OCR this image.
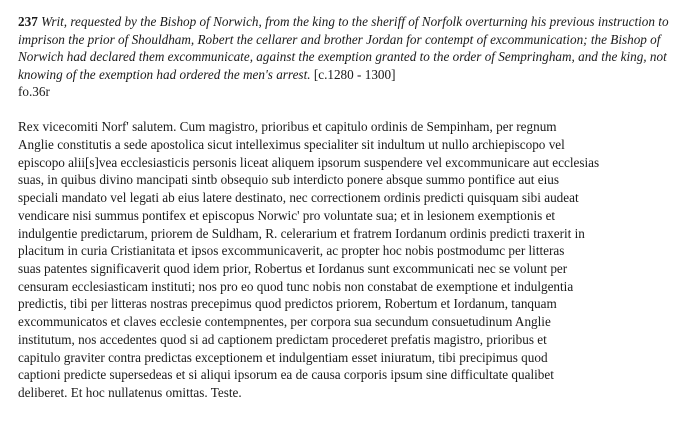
237 Writ, requested by the Bishop of Norwich, from the king to the sheriff of Norfolk overturning his previous instruction to imprison the prior of Shouldham, Robert the cellarer and brother Jordan for contempt of excommunication; the Bishop of Norwich had declared them excommunicate, against the exemption granted to the order of Sempringham, and the king, not knowing of the exemption had ordered the men's arrest. [c.1280 - 1300]
fo.36r
Rex vicecomiti Norf' salutem. Cum magistro, prioribus et capitulo ordinis de Sempinham, per regnum
Anglie constitutis a sede apostolica sicut intelleximus specialiter sit indultum ut nullo archiepiscopo vel
episcopo alii[s]vea ecclesiasticis personis liceat aliquem ipsorum suspendere vel excommunicare aut ecclesias
suas, in quibus divino mancipati sintb obsequio sub interdicto ponere absque summo pontifice aut eius
speciali mandato vel legati ab eius latere destinato, nec correctionem ordinis predicti quisquam sibi audeat
vendicare nisi summus pontifex et episcopus Norwic' pro voluntate sua; et in lesionem exemptionis et
indulgentie predictarum, priorem de Suldham, R. celerarium et fratrem Iordanum ordinis predicti traxerit in
placitum in curia Cristianitata et ipsos excommunicaverit, ac propter hoc nobis postmodumc per litteras
suas patentes significaverit quod idem prior, Robertus et Iordanus sunt excommunicati nec se volunt per
censuram ecclesiasticam instituti; nos pro eo quod tunc nobis non constabat de exemptione et indulgentia
predictis, tibi per litteras nostras precepimus quod predictos priorem, Robertum et Iordanum, tanquam
excommunicatos et claves ecclesie contempnentes, per corpora sua secundum consuetudinum Anglie
institutum, nos accedentes quod si ad captionem predictam procederet prefatis magistro, prioribus et
capitulo graviter contra predictas exceptionem et indulgentiam esset iniuratum, tibi precipimus quod
captioni predicte supersedeas et si aliqui ipsorum ea de causa corporis ipsum sine difficultate qualibet
deliberet. Et hoc nullatenus omittas. Teste.
